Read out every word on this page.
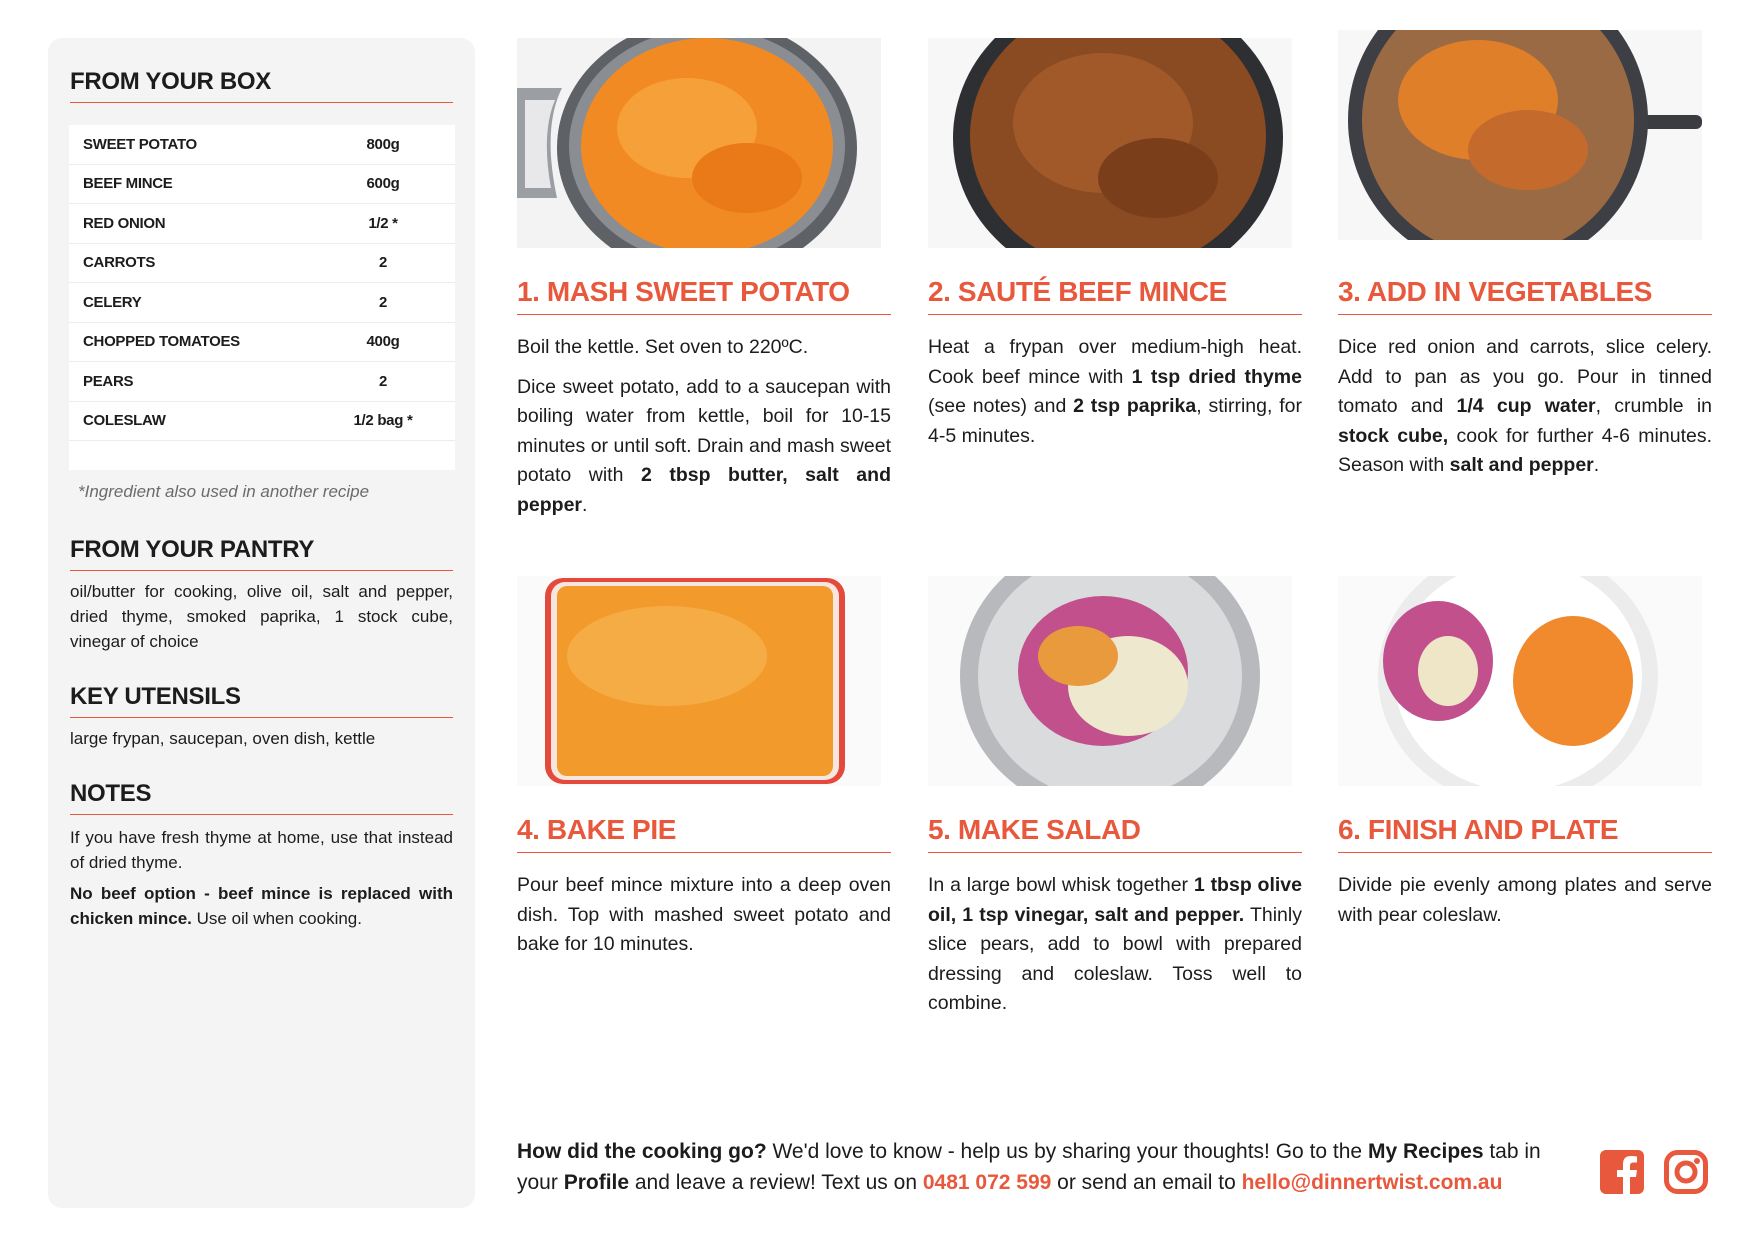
FROM YOUR BOX
SWEET POTATO	800g
BEEF MINCE	600g
RED ONION	1/2 *
CARROTS	2
CELERY	2
CHOPPED TOMATOES	400g
PEARS	2
COLESLAW	1/2 bag *
*Ingredient also used in another recipe
FROM YOUR PANTRY

oil/butter for cooking, olive oil, salt and pepper, dried thyme, smoked paprika, 1 stock cube, vinegar of choice

KEY UTENSILS

large frypan, saucepan, oven dish, kettle

NOTES

If you have fresh thyme at home, use that instead of dried thyme.

No beef option - beef mince is replaced with chicken mince. Use oil when cooking.

1. MASH SWEET POTATO

Boil the kettle. Set oven to 220ºC.

Dice sweet potato, add to a saucepan with boiling water from kettle, boil for 10-15 minutes or until soft. Drain and mash sweet potato with 2 tbsp butter, salt and pepper.

2. SAUTÉ BEEF MINCE

Heat a frypan over medium-high heat. Cook beef mince with 1 tsp dried thyme (see notes) and 2 tsp paprika, stirring, for 4-5 minutes.

3. ADD IN VEGETABLES

Dice red onion and carrots, slice celery. Add to pan as you go. Pour in tinned tomato and 1/4 cup water, crumble in stock cube, cook for further 4-6 minutes. Season with salt and pepper.

4. BAKE PIE

Pour beef mince mixture into a deep oven dish. Top with mashed sweet potato and bake for 10 minutes.

5. MAKE SALAD

In a large bowl whisk together 1 tbsp olive oil, 1 tsp vinegar, salt and pepper. Thinly slice pears, add to bowl with prepared dressing and coleslaw. Toss well to combine.

6. FINISH AND PLATE

Divide pie evenly among plates and serve with pear coleslaw.

How did the cooking go? We'd love to know - help us by sharing your thoughts! Go to the My Recipes tab in your Profile and leave a review! Text us on 0481 072 599 or send an email to hello@dinnertwist.com.au
